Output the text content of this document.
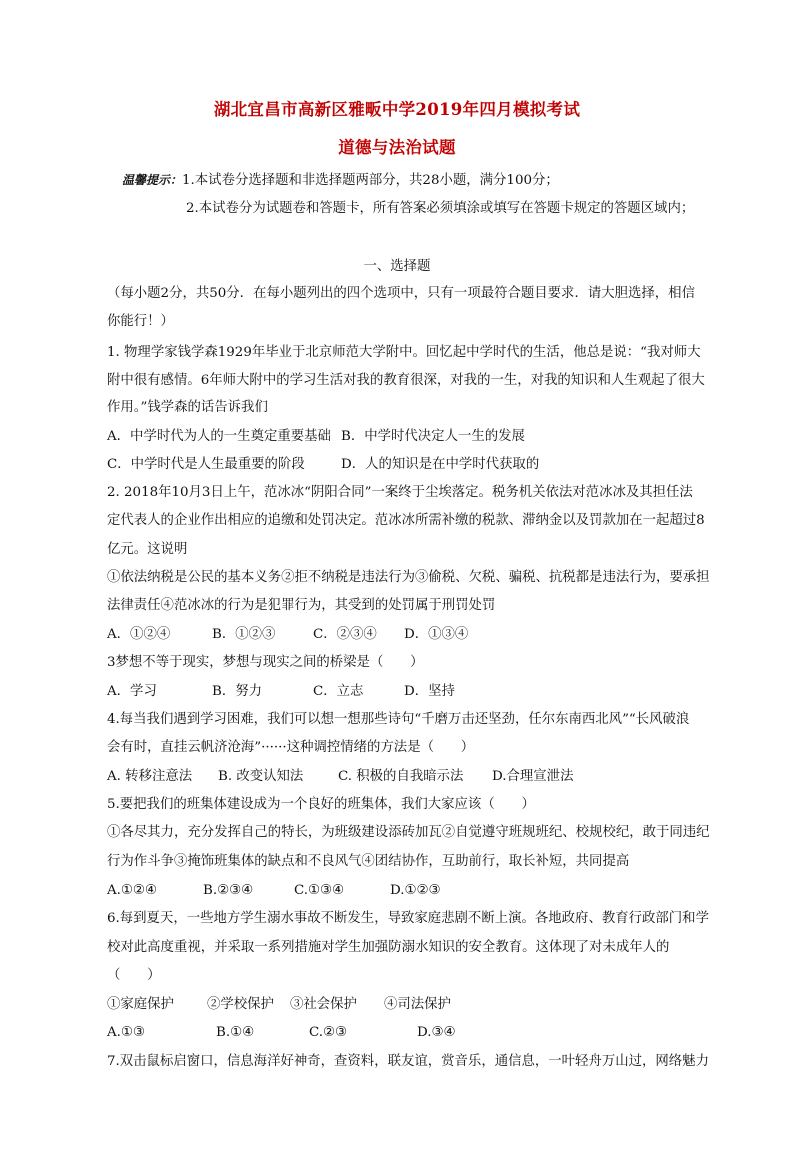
湖北宜昌市高新区雅畈中学2019年四月模拟考试
道德与法治试题
温馨提示：1.本试卷分选择题和非选择题两部分，共28小题，满分100分；
2.本试卷分为试题卷和答题卡，所有答案必须填涂或填写在答题卡规定的答题区域内；
一、选择题
（每小题2分，共50分．在每小题列出的四个选项中，只有一项最符合题目要求．请大胆选择，相信
你能行！）
1. 物理学家钱学森1929年毕业于北京师范大学附中。回忆起中学时代的生活，他总是说：“我对师大
附中很有感情。6年师大附中的学习生活对我的教育很深，对我的一生，对我的知识和人生观起了很大
作用。”钱学森的话告诉我们
A．中学时代为人的一生奠定重要基础 B．中学时代决定人一生的发展
C．中学时代是人生最重要的阶段	D．人的知识是在中学时代获取的
2. 2018年10月3日上午，范冰冰“阴阳合同”一案终于尘埃落定。税务机关依法对范冰冰及其担任法
定代表人的企业作出相应的追缴和处罚决定。范冰冰所需补缴的税款、滞纳金以及罚款加在一起超过8
亿元。这说明
①依法纳税是公民的基本义务②拒不纳税是违法行为③偷税、欠税、骗税、抗税都是违法行为，要承担
法律责任④范冰冰的行为是犯罪行为，其受到的处罚属于刑罚处罚
A．①②④	B．①②③	C．②③④ D．①③④
3梦想不等于现实，梦想与现实之间的桥梁是（　　）
A．学习	B．努力	C．立志	D．坚持
4.每当我们遇到学习困难，我们可以想一想那些诗句“千磨万击还坚劲，任尔东南西北风”“长风破浪
会有时，直挂云帆济沧海”······这种调控情绪的方法是（　　）
A. 转移注意法 B. 改变认知法	C. 积极的自我暗示法 D.合理宣泄法
5.要把我们的班集体建设成为一个良好的班集体，我们大家应该（　　）
①各尽其力，充分发挥自己的特长，为班级建设添砖加瓦②自觉遵守班规班纪、校规校纪，敢于同违纪
行为作斗争③掩饰班集体的缺点和不良风气④团结协作，互助前行，取长补短，共同提高
A.①②④	B.②③④	C.①③④	D.①②③
6.每到夏天，一些地方学生溺水事故不断发生，导致家庭悲剧不断上演。各地政府、教育行政部门和学
校对此高度重视，并采取一系列措施对学生加强防溺水知识的安全教育。这体现了对未成年人的
（　　）
①家庭保护 ②学校保护 ③社会保护 ④司法保护
A.①③	B.①④	C.②③	D.③④
7.双击鼠标启窗口，信息海洋好神奇，查资料，联友谊，赏音乐，通信息，一叶轻舟万山过，网络魅力
